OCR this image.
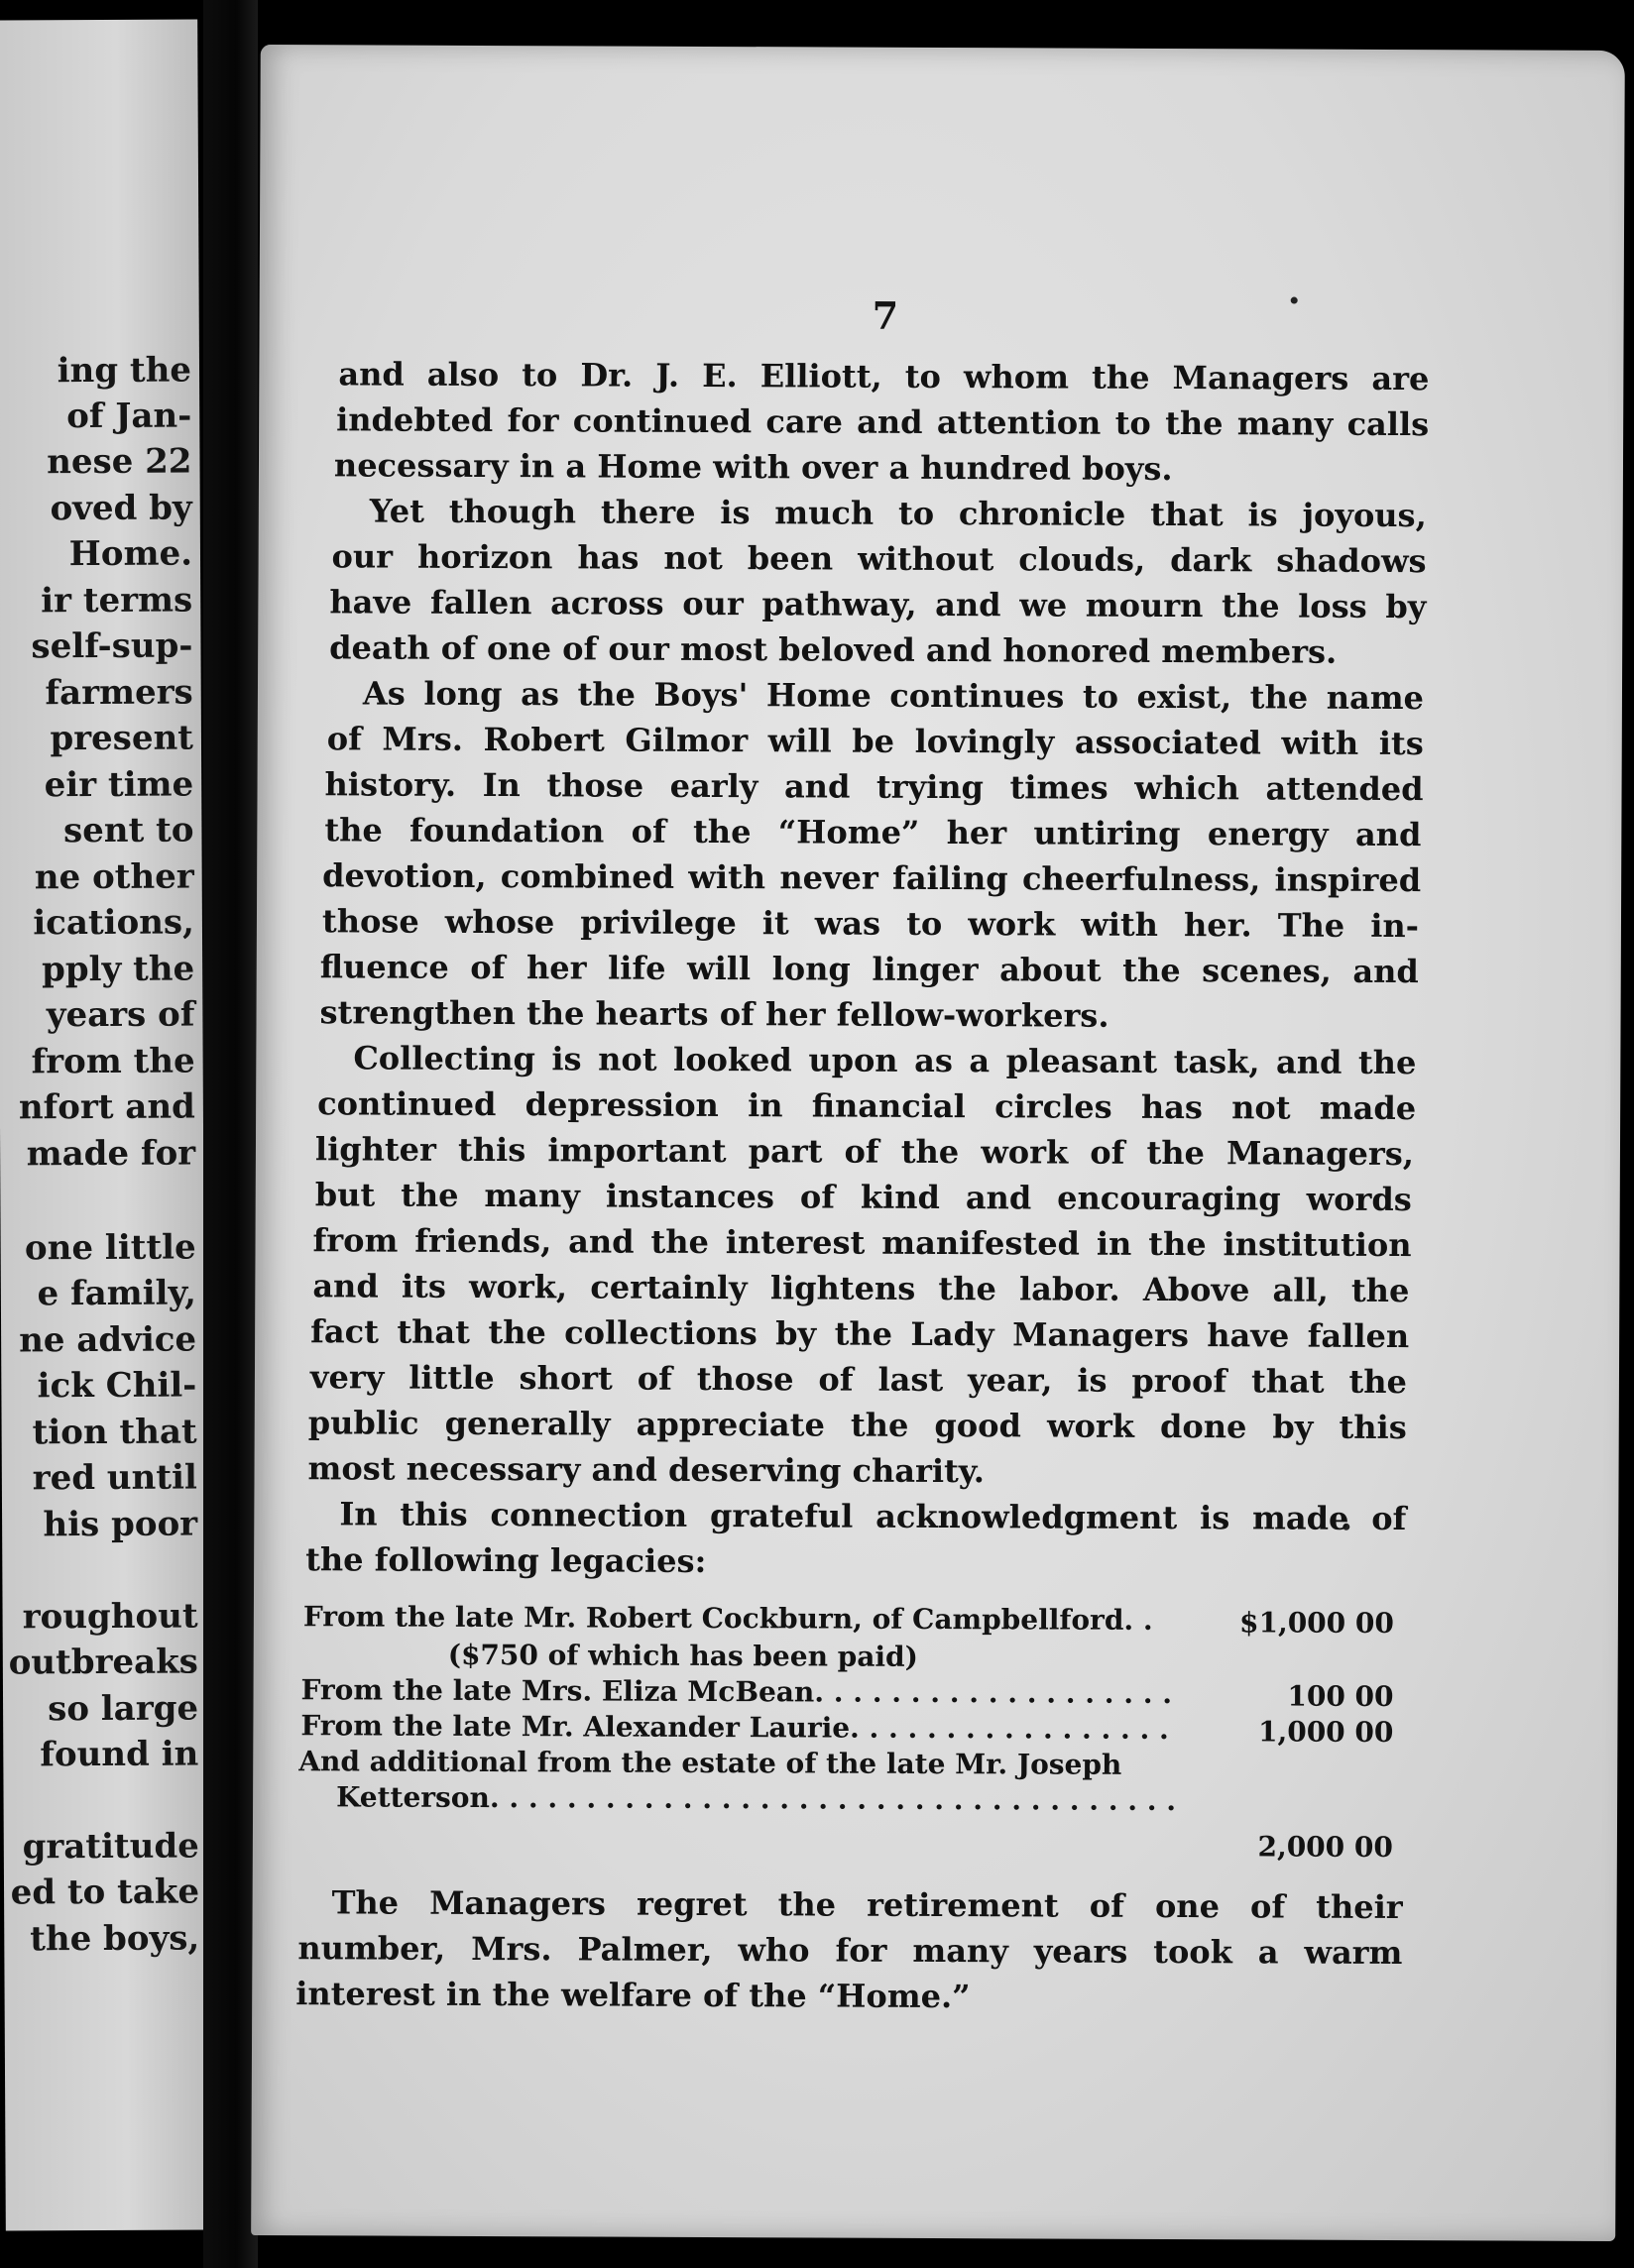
ing the
of Jan-
nese 22
oved by
Home.
ir terms
self-sup-
farmers
present
eir time
sent to
ne other
ications,
pply the
years of
from the
nfort and
made for
one little
e family,
ne advice
ick Chil-
tion that
red until
his poor
roughout
outbreaks
so large
found in
gratitude
ed to take
the boys,
7
and also to Dr. J. E. Elliott, to whom the Managers are
indebted for continued care and attention to the many calls
necessary in a Home with over a hundred boys.
Yet though there is much to chronicle that is joyous,
our horizon has not been without clouds, dark shadows
have fallen across our pathway, and we mourn the loss by
death of one of our most beloved and honored members.
As long as the Boys' Home continues to exist, the name
of Mrs. Robert Gilmor will be lovingly associated with its
history. In those early and trying times which attended
the foundation of the “Home” her untiring energy and
devotion, combined with never failing cheerfulness, inspired
those whose privilege it was to work with her. The in-
fluence of her life will long linger about the scenes, and
strengthen the hearts of her fellow-workers.
Collecting is not looked upon as a pleasant task, and the
continued depression in financial circles has not made
lighter this important part of the work of the Managers,
but the many instances of kind and encouraging words
from friends, and the interest manifested in the institution
and its work, certainly lightens the labor. Above all, the
fact that the collections by the Lady Managers have fallen
very little short of those of last year, is proof that the
public generally appreciate the good work done by this
most necessary and deserving charity.
In this connection grateful acknowledgment is made of
the following legacies:
From the late Mr. Robert Cockburn, of Campbellford. .	$1,000 00
($750 of which has been paid)
From the late Mrs. Eliza McBean. . . . . . . . . . . . . . . . . . .	100 00
From the late Mr. Alexander Laurie. . . . . . . . . . . . . . . . .	1,000 00
And additional from the estate of the late Mr. Joseph
Ketterson. . . . . . . . . . . . . . . . . . . . . . . . . . . . . . . . . . . .
2,000 00
The Managers regret the retirement of one of their
number, Mrs. Palmer, who for many years took a warm
interest in the welfare of the “Home.”
